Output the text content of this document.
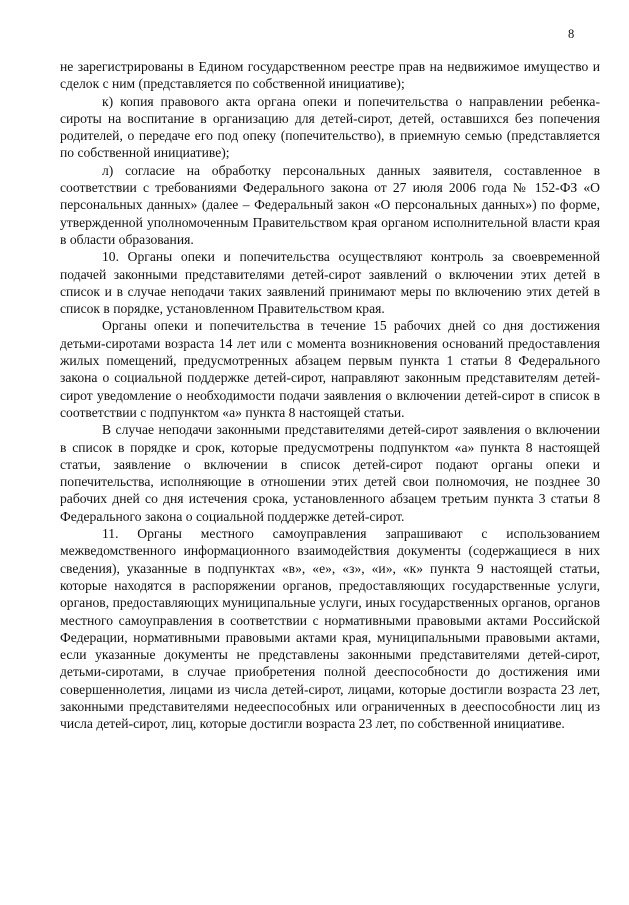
8

не зарегистрированы в Едином государственном реестре прав на недвижимое имущество и сделок с ним (представляется по собственной инициативе);

к) копия правового акта органа опеки и попечительства о направлении ребенка-сироты на воспитание в организацию для детей-сирот, детей, оставшихся без попечения родителей, о передаче его под опеку (попечительство), в приемную семью (представляется по собственной инициативе);

л) согласие на обработку персональных данных заявителя, составленное в соответствии с требованиями Федерального закона от 27 июля 2006 года № 152-ФЗ «О персональных данных» (далее – Федеральный закон «О персональных данных») по форме, утвержденной уполномоченным Правительством края органом исполнительной власти края в области образования.

10. Органы опеки и попечительства осуществляют контроль за своевременной подачей законными представителями детей-сирот заявлений о включении этих детей в список и в случае неподачи таких заявлений принимают меры по включению этих детей в список в порядке, установленном Правительством края.

Органы опеки и попечительства в течение 15 рабочих дней со дня достижения детьми-сиротами возраста 14 лет или с момента возникновения оснований предоставления жилых помещений, предусмотренных абзацем первым пункта 1 статьи 8 Федерального закона о социальной поддержке детей-сирот, направляют законным представителям детей-сирот уведомление о необходимости подачи заявления о включении детей-сирот в список в соответствии с подпунктом «а» пункта 8 настоящей статьи.

В случае неподачи законными представителями детей-сирот заявления о включении в список в порядке и срок, которые предусмотрены подпунктом «а» пункта 8 настоящей статьи, заявление о включении в список детей-сирот подают органы опеки и попечительства, исполняющие в отношении этих детей свои полномочия, не позднее 30 рабочих дней со дня истечения срока, установленного абзацем третьим пункта 3 статьи 8 Федерального закона о социальной поддержке детей-сирот.

11. Органы местного самоуправления запрашивают с использованием межведомственного информационного взаимодействия документы (содержащиеся в них сведения), указанные в подпунктах «в», «е», «з», «и», «к» пункта 9 настоящей статьи, которые находятся в распоряжении органов, предоставляющих государственные услуги, органов, предоставляющих муниципальные услуги, иных государственных органов, органов местного самоуправления в соответствии с нормативными правовыми актами Российской Федерации, нормативными правовыми актами края, муниципальными правовыми актами, если указанные документы не представлены законными представителями детей-сирот, детьми-сиротами, в случае приобретения полной дееспособности до достижения ими совершеннолетия, лицами из числа детей-сирот, лицами, которые достигли возраста 23 лет, законными представителями недееспособных или ограниченных в дееспособности лиц из числа детей-сирот, лиц, которые достигли возраста 23 лет, по собственной инициативе.
